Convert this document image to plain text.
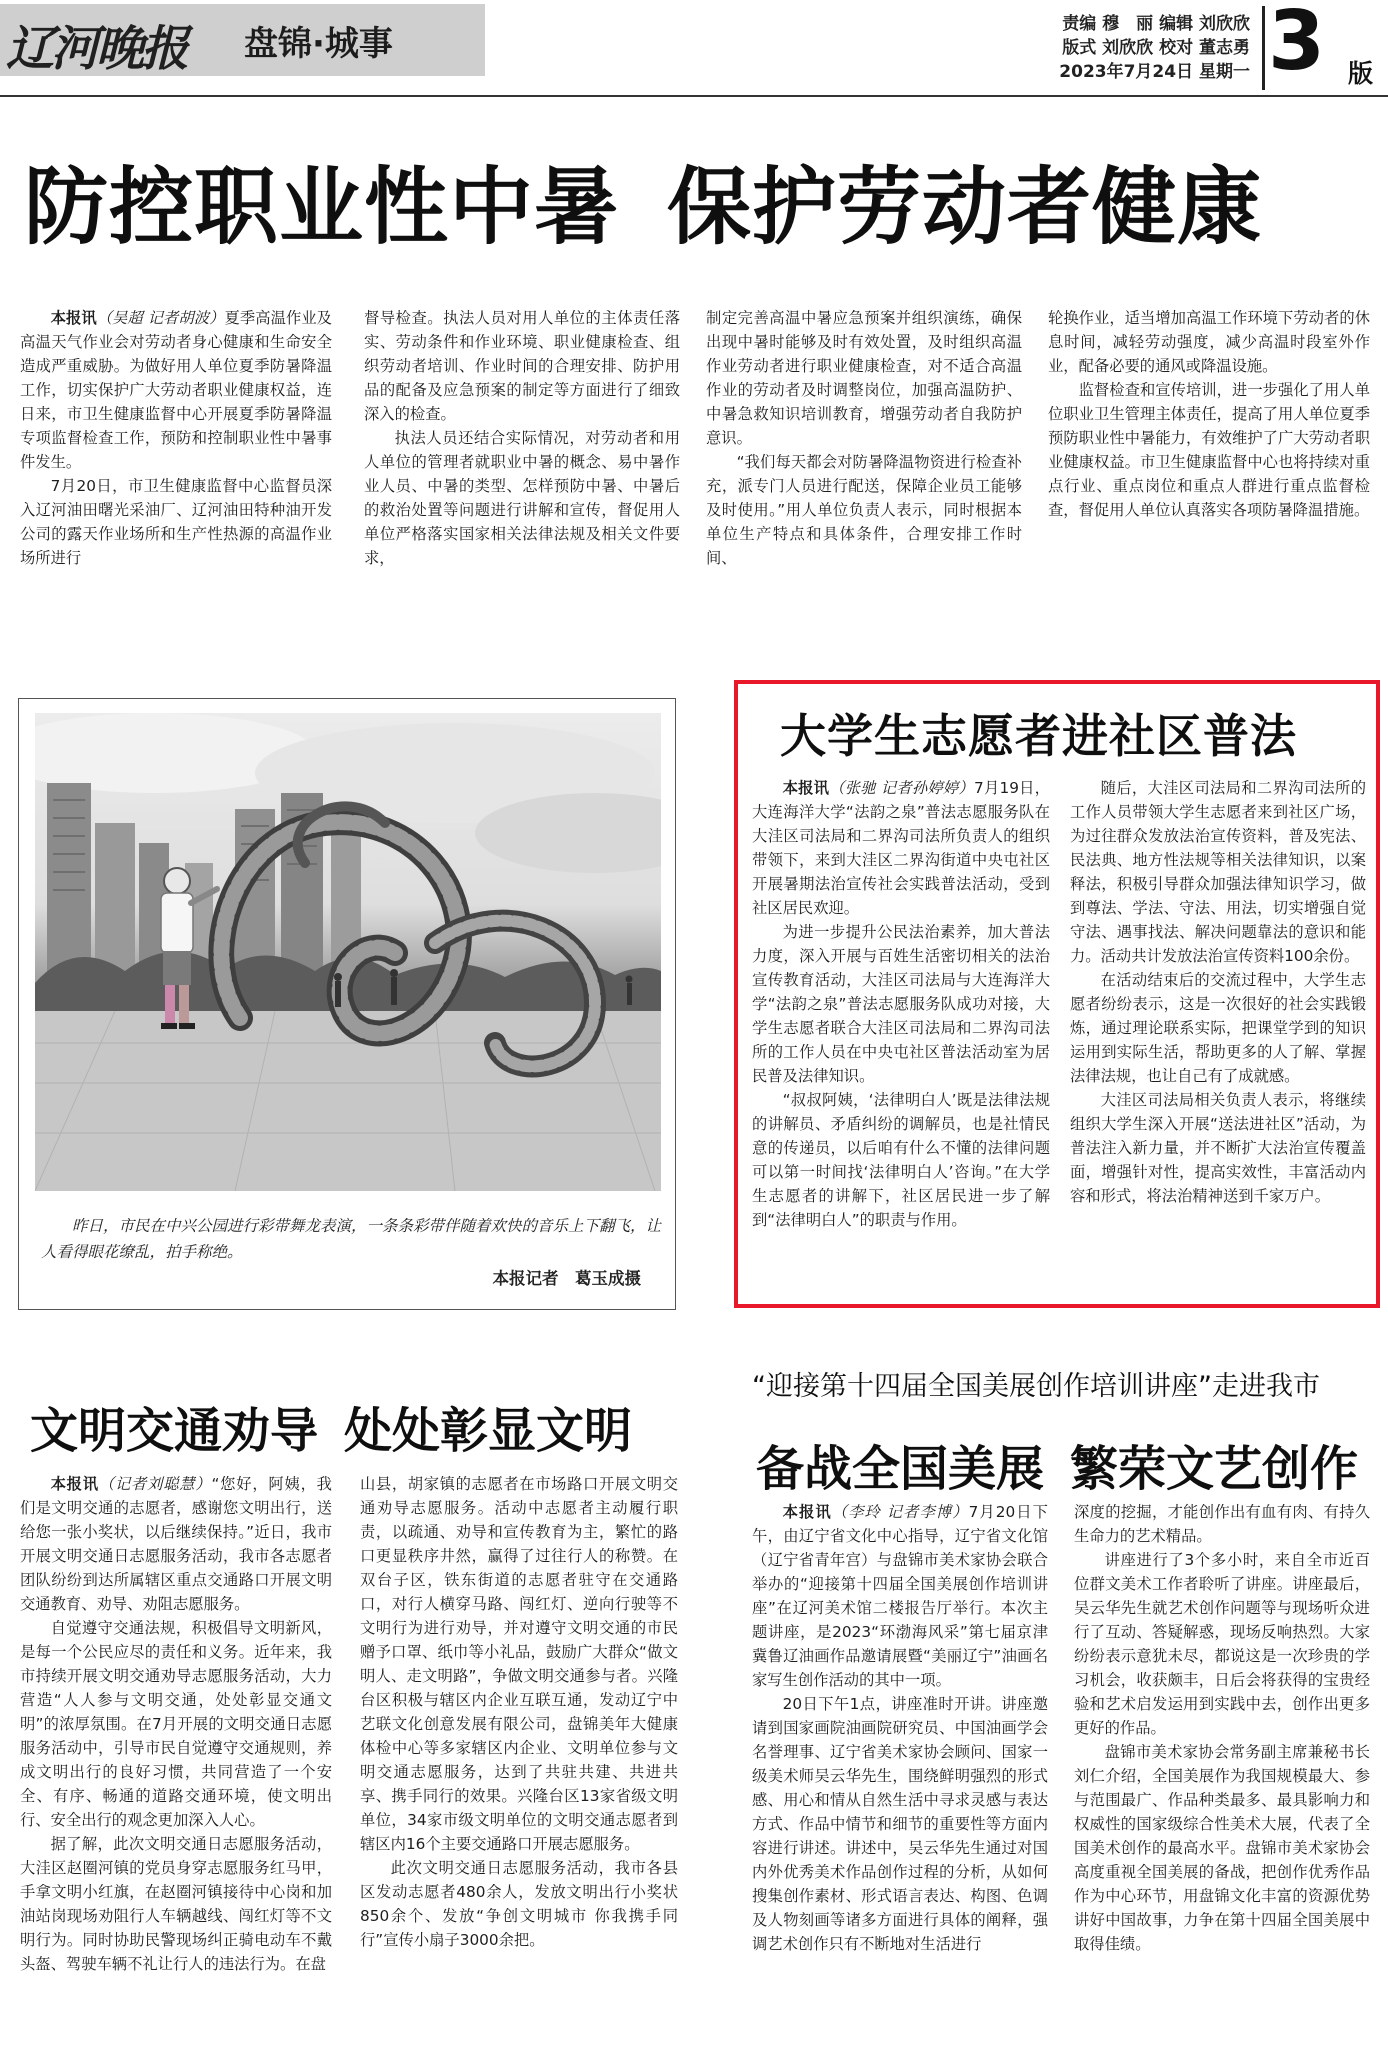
辽河晚报 盘锦·城事	责编 穆　丽 编辑 刘欣欣
版式 刘欣欣 校对 董志勇
2023年7月24日 星期一 3 版
防控职业性中暑 保护劳动者健康

本报讯（吴超 记者胡波）夏季高温作业及高温天气作业会对劳动者身心健康和生命安全造成严重威胁。为做好用人单位夏季防暑降温工作，切实保护广大劳动者职业健康权益，连日来，市卫生健康监督中心开展夏季防暑降温专项监督检查工作，预防和控制职业性中暑事件发生。

7月20日，市卫生健康监督中心监督员深入辽河油田曙光采油厂、辽河油田特种油开发公司的露天作业场所和生产性热源的高温作业场所进行

督导检查。执法人员对用人单位的主体责任落实、劳动条件和作业环境、职业健康检查、组织劳动者培训、作业时间的合理安排、防护用品的配备及应急预案的制定等方面进行了细致深入的检查。

执法人员还结合实际情况，对劳动者和用人单位的管理者就职业中暑的概念、易中暑作业人员、中暑的类型、怎样预防中暑、中暑后的救治处置等问题进行讲解和宣传，督促用人单位严格落实国家相关法律法规及相关文件要求，

制定完善高温中暑应急预案并组织演练，确保出现中暑时能够及时有效处置，及时组织高温作业劳动者进行职业健康检查，对不适合高温作业的劳动者及时调整岗位，加强高温防护、中暑急救知识培训教育，增强劳动者自我防护意识。

“我们每天都会对防暑降温物资进行检查补充，派专门人员进行配送，保障企业员工能够及时使用。”用人单位负责人表示，同时根据本单位生产特点和具体条件，合理安排工作时间、

轮换作业，适当增加高温工作环境下劳动者的休息时间，减轻劳动强度，减少高温时段室外作业，配备必要的通风或降温设施。

监督检查和宣传培训，进一步强化了用人单位职业卫生管理主体责任，提高了用人单位夏季预防职业性中暑能力，有效维护了广大劳动者职业健康权益。市卫生健康监督中心也将持续对重点行业、重点岗位和重点人群进行重点监督检查，督促用人单位认真落实各项防暑降温措施。

昨日，市民在中兴公园进行彩带舞龙表演，一条条彩带伴随着欢快的音乐上下翻飞，让人看得眼花缭乱，拍手称绝。
本报记者　葛玉成摄
大学生志愿者进社区普法

本报讯（张驰 记者孙婷婷）7月19日，大连海洋大学“法韵之泉”普法志愿服务队在大洼区司法局和二界沟司法所负责人的组织带领下，来到大洼区二界沟街道中央屯社区开展暑期法治宣传社会实践普法活动，受到社区居民欢迎。

为进一步提升公民法治素养，加大普法力度，深入开展与百姓生活密切相关的法治宣传教育活动，大洼区司法局与大连海洋大学“法韵之泉”普法志愿服务队成功对接，大学生志愿者联合大洼区司法局和二界沟司法所的工作人员在中央屯社区普法活动室为居民普及法律知识。

“叔叔阿姨，‘法律明白人’既是法律法规的讲解员、矛盾纠纷的调解员，也是社情民意的传递员，以后咱有什么不懂的法律问题可以第一时间找‘法律明白人’咨询。”在大学生志愿者的讲解下，社区居民进一步了解到“法律明白人”的职责与作用。

随后，大洼区司法局和二界沟司法所的工作人员带领大学生志愿者来到社区广场，为过往群众发放法治宣传资料，普及宪法、民法典、地方性法规等相关法律知识，以案释法，积极引导群众加强法律知识学习，做到尊法、学法、守法、用法，切实增强自觉守法、遇事找法、解决问题靠法的意识和能力。活动共计发放法治宣传资料100余份。

在活动结束后的交流过程中，大学生志愿者纷纷表示，这是一次很好的社会实践锻炼，通过理论联系实际，把课堂学到的知识运用到实际生活，帮助更多的人了解、掌握法律法规，也让自己有了成就感。

大洼区司法局相关负责人表示，将继续组织大学生深入开展“送法进社区”活动，为普法注入新力量，并不断扩大法治宣传覆盖面，增强针对性，提高实效性，丰富活动内容和形式，将法治精神送到千家万户。

文明交通劝导 处处彰显文明

本报讯（记者刘聪慧）“您好，阿姨，我们是文明交通的志愿者，感谢您文明出行，送给您一张小奖状，以后继续保持。”近日，我市开展文明交通日志愿服务活动，我市各志愿者团队纷纷到达所属辖区重点交通路口开展文明交通教育、劝导、劝阻志愿服务。

自觉遵守交通法规，积极倡导文明新风，是每一个公民应尽的责任和义务。近年来，我市持续开展文明交通劝导志愿服务活动，大力营造“人人参与文明交通，处处彰显交通文明”的浓厚氛围。在7月开展的文明交通日志愿服务活动中，引导市民自觉遵守交通规则，养成文明出行的良好习惯，共同营造了一个安全、有序、畅通的道路交通环境，使文明出行、安全出行的观念更加深入人心。

据了解，此次文明交通日志愿服务活动，大洼区赵圈河镇的党员身穿志愿服务红马甲，手拿文明小红旗，在赵圈河镇接待中心岗和加油站岗现场劝阻行人车辆越线、闯红灯等不文明行为。同时协助民警现场纠正骑电动车不戴头盔、驾驶车辆不礼让行人的违法行为。在盘

山县，胡家镇的志愿者在市场路口开展文明交通劝导志愿服务。活动中志愿者主动履行职责，以疏通、劝导和宣传教育为主，繁忙的路口更显秩序井然，赢得了过往行人的称赞。在双台子区，铁东街道的志愿者驻守在交通路口，对行人横穿马路、闯红灯、逆向行驶等不文明行为进行劝导，并对遵守文明交通的市民赠予口罩、纸巾等小礼品，鼓励广大群众“做文明人、走文明路”，争做文明交通参与者。兴隆台区积极与辖区内企业互联互通，发动辽宁中艺联文化创意发展有限公司，盘锦美年大健康体检中心等多家辖区内企业、文明单位参与文明交通志愿服务，达到了共驻共建、共进共享、携手同行的效果。兴隆台区13家省级文明单位，34家市级文明单位的文明交通志愿者到辖区内16个主要交通路口开展志愿服务。

此次文明交通日志愿服务活动，我市各县区发动志愿者480余人，发放文明出行小奖状850余个、发放“争创文明城市 你我携手同行”宣传小扇子3000余把。

“迎接第十四届全国美展创作培训讲座”走进我市
备战全国美展 繁荣文艺创作

本报讯（李玲 记者李博）7月20日下午，由辽宁省文化中心指导，辽宁省文化馆（辽宁省青年宫）与盘锦市美术家协会联合举办的“迎接第十四届全国美展创作培训讲座”在辽河美术馆二楼报告厅举行。本次主题讲座，是2023“环渤海风采”第七届京津冀鲁辽油画作品邀请展暨“美丽辽宁”油画名家写生创作活动的其中一项。

20日下午1点，讲座准时开讲。讲座邀请到国家画院油画院研究员、中国油画学会名誉理事、辽宁省美术家协会顾问、国家一级美术师吴云华先生，围绕鲜明强烈的形式感、用心和情从自然生活中寻求灵感与表达方式、作品中情节和细节的重要性等方面内容进行讲述。讲述中，吴云华先生通过对国内外优秀美术作品创作过程的分析，从如何搜集创作素材、形式语言表达、构图、色调及人物刻画等诸多方面进行具体的阐释，强调艺术创作只有不断地对生活进行

深度的挖掘，才能创作出有血有肉、有持久生命力的艺术精品。

讲座进行了3个多小时，来自全市近百位群文美术工作者聆听了讲座。讲座最后，吴云华先生就艺术创作问题等与现场听众进行了互动、答疑解惑，现场反响热烈。大家纷纷表示意犹未尽，都说这是一次珍贵的学习机会，收获颇丰，日后会将获得的宝贵经验和艺术启发运用到实践中去，创作出更多更好的作品。

盘锦市美术家协会常务副主席兼秘书长刘仁介绍，全国美展作为我国规模最大、参与范围最广、作品种类最多、最具影响力和权威性的国家级综合性美术大展，代表了全国美术创作的最高水平。盘锦市美术家协会高度重视全国美展的备战，把创作优秀作品作为中心环节，用盘锦文化丰富的资源优势讲好中国故事，力争在第十四届全国美展中取得佳绩。
